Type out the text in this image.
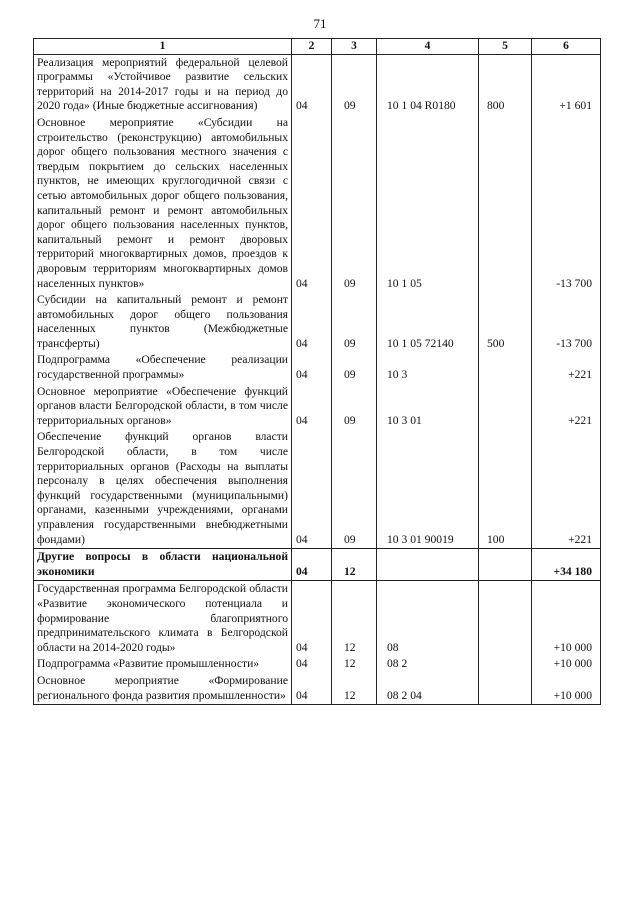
71
1	2	3	4	5	6
Реализация мероприятий федеральной целевой программы «Устойчивое развитие сельских территорий на 2014-2017 годы и на период до 2020 года» (Иные бюджетные ассигнования)	04	09	10 1 04 R0180	800	+1 601
Основное мероприятие «Субсидии на строительство (реконструкцию) автомобильных дорог общего пользования местного значения с твердым покрытием до сельских населенных пунктов, не имеющих круглогодичной связи с сетью автомобильных дорог общего пользования, капитальный ремонт и ремонт автомобильных дорог общего пользования населенных пунктов, капитальный ремонт и ремонт дворовых территорий многоквартирных домов, проездов к дворовым территориям многоквартирных домов населенных пунктов»	04	09	10 1 05		-13 700
Субсидии на капитальный ремонт и ремонт автомобильных дорог общего пользования населенных пунктов (Межбюджетные трансферты)	04	09	10 1 05 72140	500	-13 700
Подпрограмма «Обеспечение реализации государственной программы»	04	09	10 3		+221
Основное мероприятие «Обеспечение функций органов власти Белгородской области, в том числе территориальных органов»	04	09	10 3 01		+221
Обеспечение функций органов власти Белгородской области, в том числе территориальных органов (Расходы на выплаты персоналу в целях обеспечения выполнения функций государственными (муниципальными) органами, казенными учреждениями, органами управления государственными внебюджетными фондами)	04	09	10 3 01 90019	100	+221
Другие вопросы в области национальной экономики	04	12			+34 180
Государственная программа Белгородской области «Развитие экономического потенциала и формирование благоприятного предпринимательского климата в Белгородской области на 2014-2020 годы»	04	12	08		+10 000
Подпрограмма «Развитие промышленности»	04	12	08 2		+10 000
Основное мероприятие «Формирование регионального фонда развития промышленности»	04	12	08 2 04		+10 000
